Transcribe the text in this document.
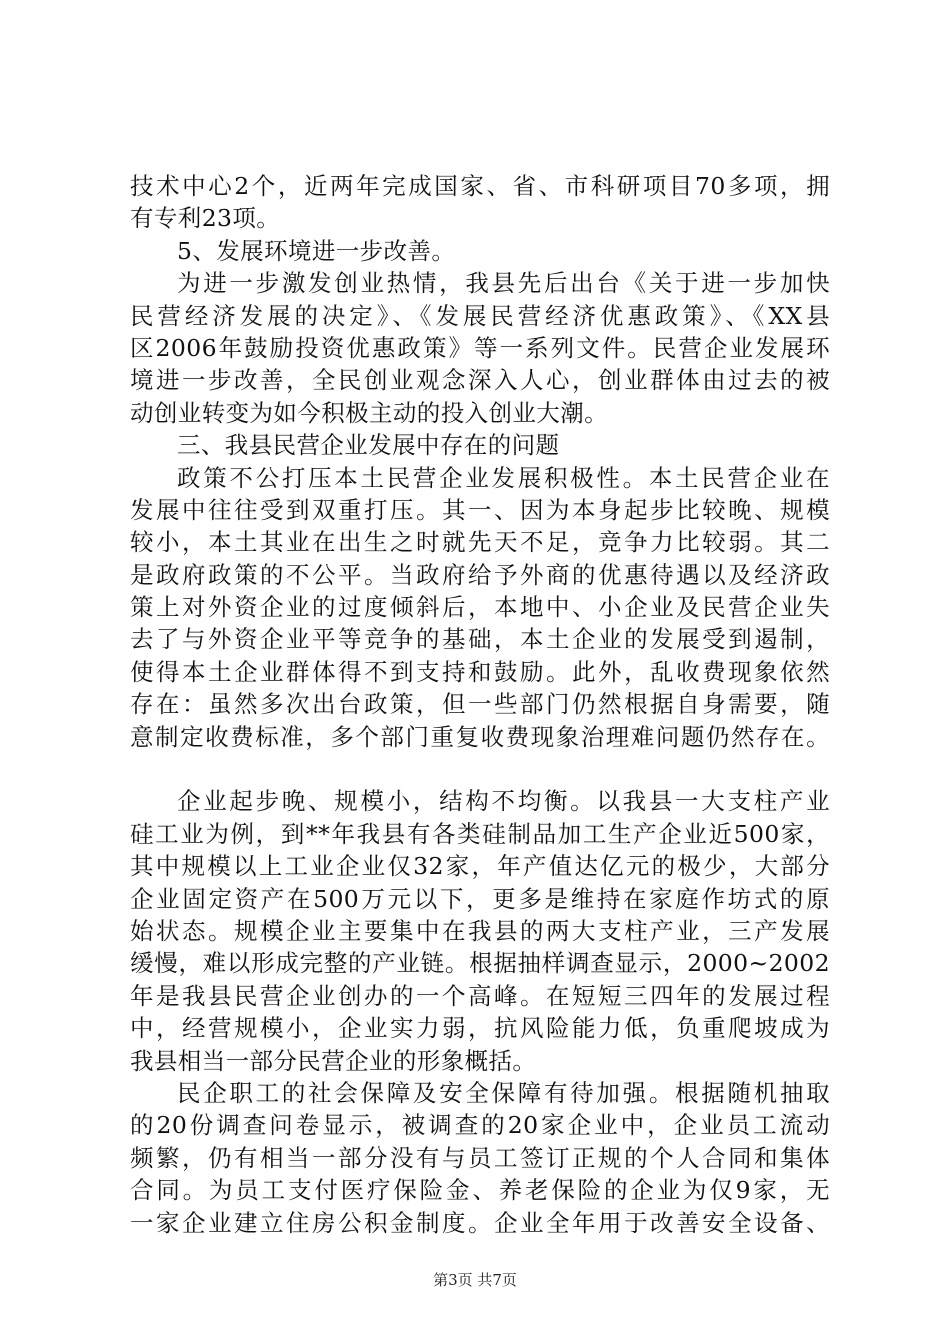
技术中心2个，近两年完成国家、省、市科研项目70多项，拥
有专利23项。
5、发展环境进一步改善。
为进一步激发创业热情，我县先后出台《关于进一步加快
民营经济发展的决定》、《发展民营经济优惠政策》、《XX县
区2006年鼓励投资优惠政策》等一系列文件。民营企业发展环
境进一步改善，全民创业观念深入人心，创业群体由过去的被
动创业转变为如今积极主动的投入创业大潮。
三、我县民营企业发展中存在的问题
政策不公打压本土民营企业发展积极性。本土民营企业在
发展中往往受到双重打压。其一、因为本身起步比较晚、规模
较小，本土其业在出生之时就先天不足，竞争力比较弱。其二
是政府政策的不公平。当政府给予外商的优惠待遇以及经济政
策上对外资企业的过度倾斜后，本地中、小企业及民营企业失
去了与外资企业平等竞争的基础，本土企业的发展受到遏制，
使得本土企业群体得不到支持和鼓励。此外，乱收费现象依然
存在：虽然多次出台政策，但一些部门仍然根据自身需要，随
意制定收费标准，多个部门重复收费现象治理难问题仍然存在。
企业起步晚、规模小，结构不均衡。以我县一大支柱产业
硅工业为例，到**年我县有各类硅制品加工生产企业近500家，
其中规模以上工业企业仅32家，年产值达亿元的极少，大部分
企业固定资产在500万元以下，更多是维持在家庭作坊式的原
始状态。规模企业主要集中在我县的两大支柱产业，三产发展
缓慢，难以形成完整的产业链。根据抽样调查显示，2000~2002
年是我县民营企业创办的一个高峰。在短短三四年的发展过程
中，经营规模小，企业实力弱，抗风险能力低，负重爬坡成为
我县相当一部分民营企业的形象概括。
民企职工的社会保障及安全保障有待加强。根据随机抽取
的20份调查问卷显示，被调查的20家企业中，企业员工流动
频繁，仍有相当一部分没有与员工签订正规的个人合同和集体
合同。为员工支付医疗保险金、养老保险的企业为仅9家，无
一家企业建立住房公积金制度。企业全年用于改善安全设备、
第3页 共7页
